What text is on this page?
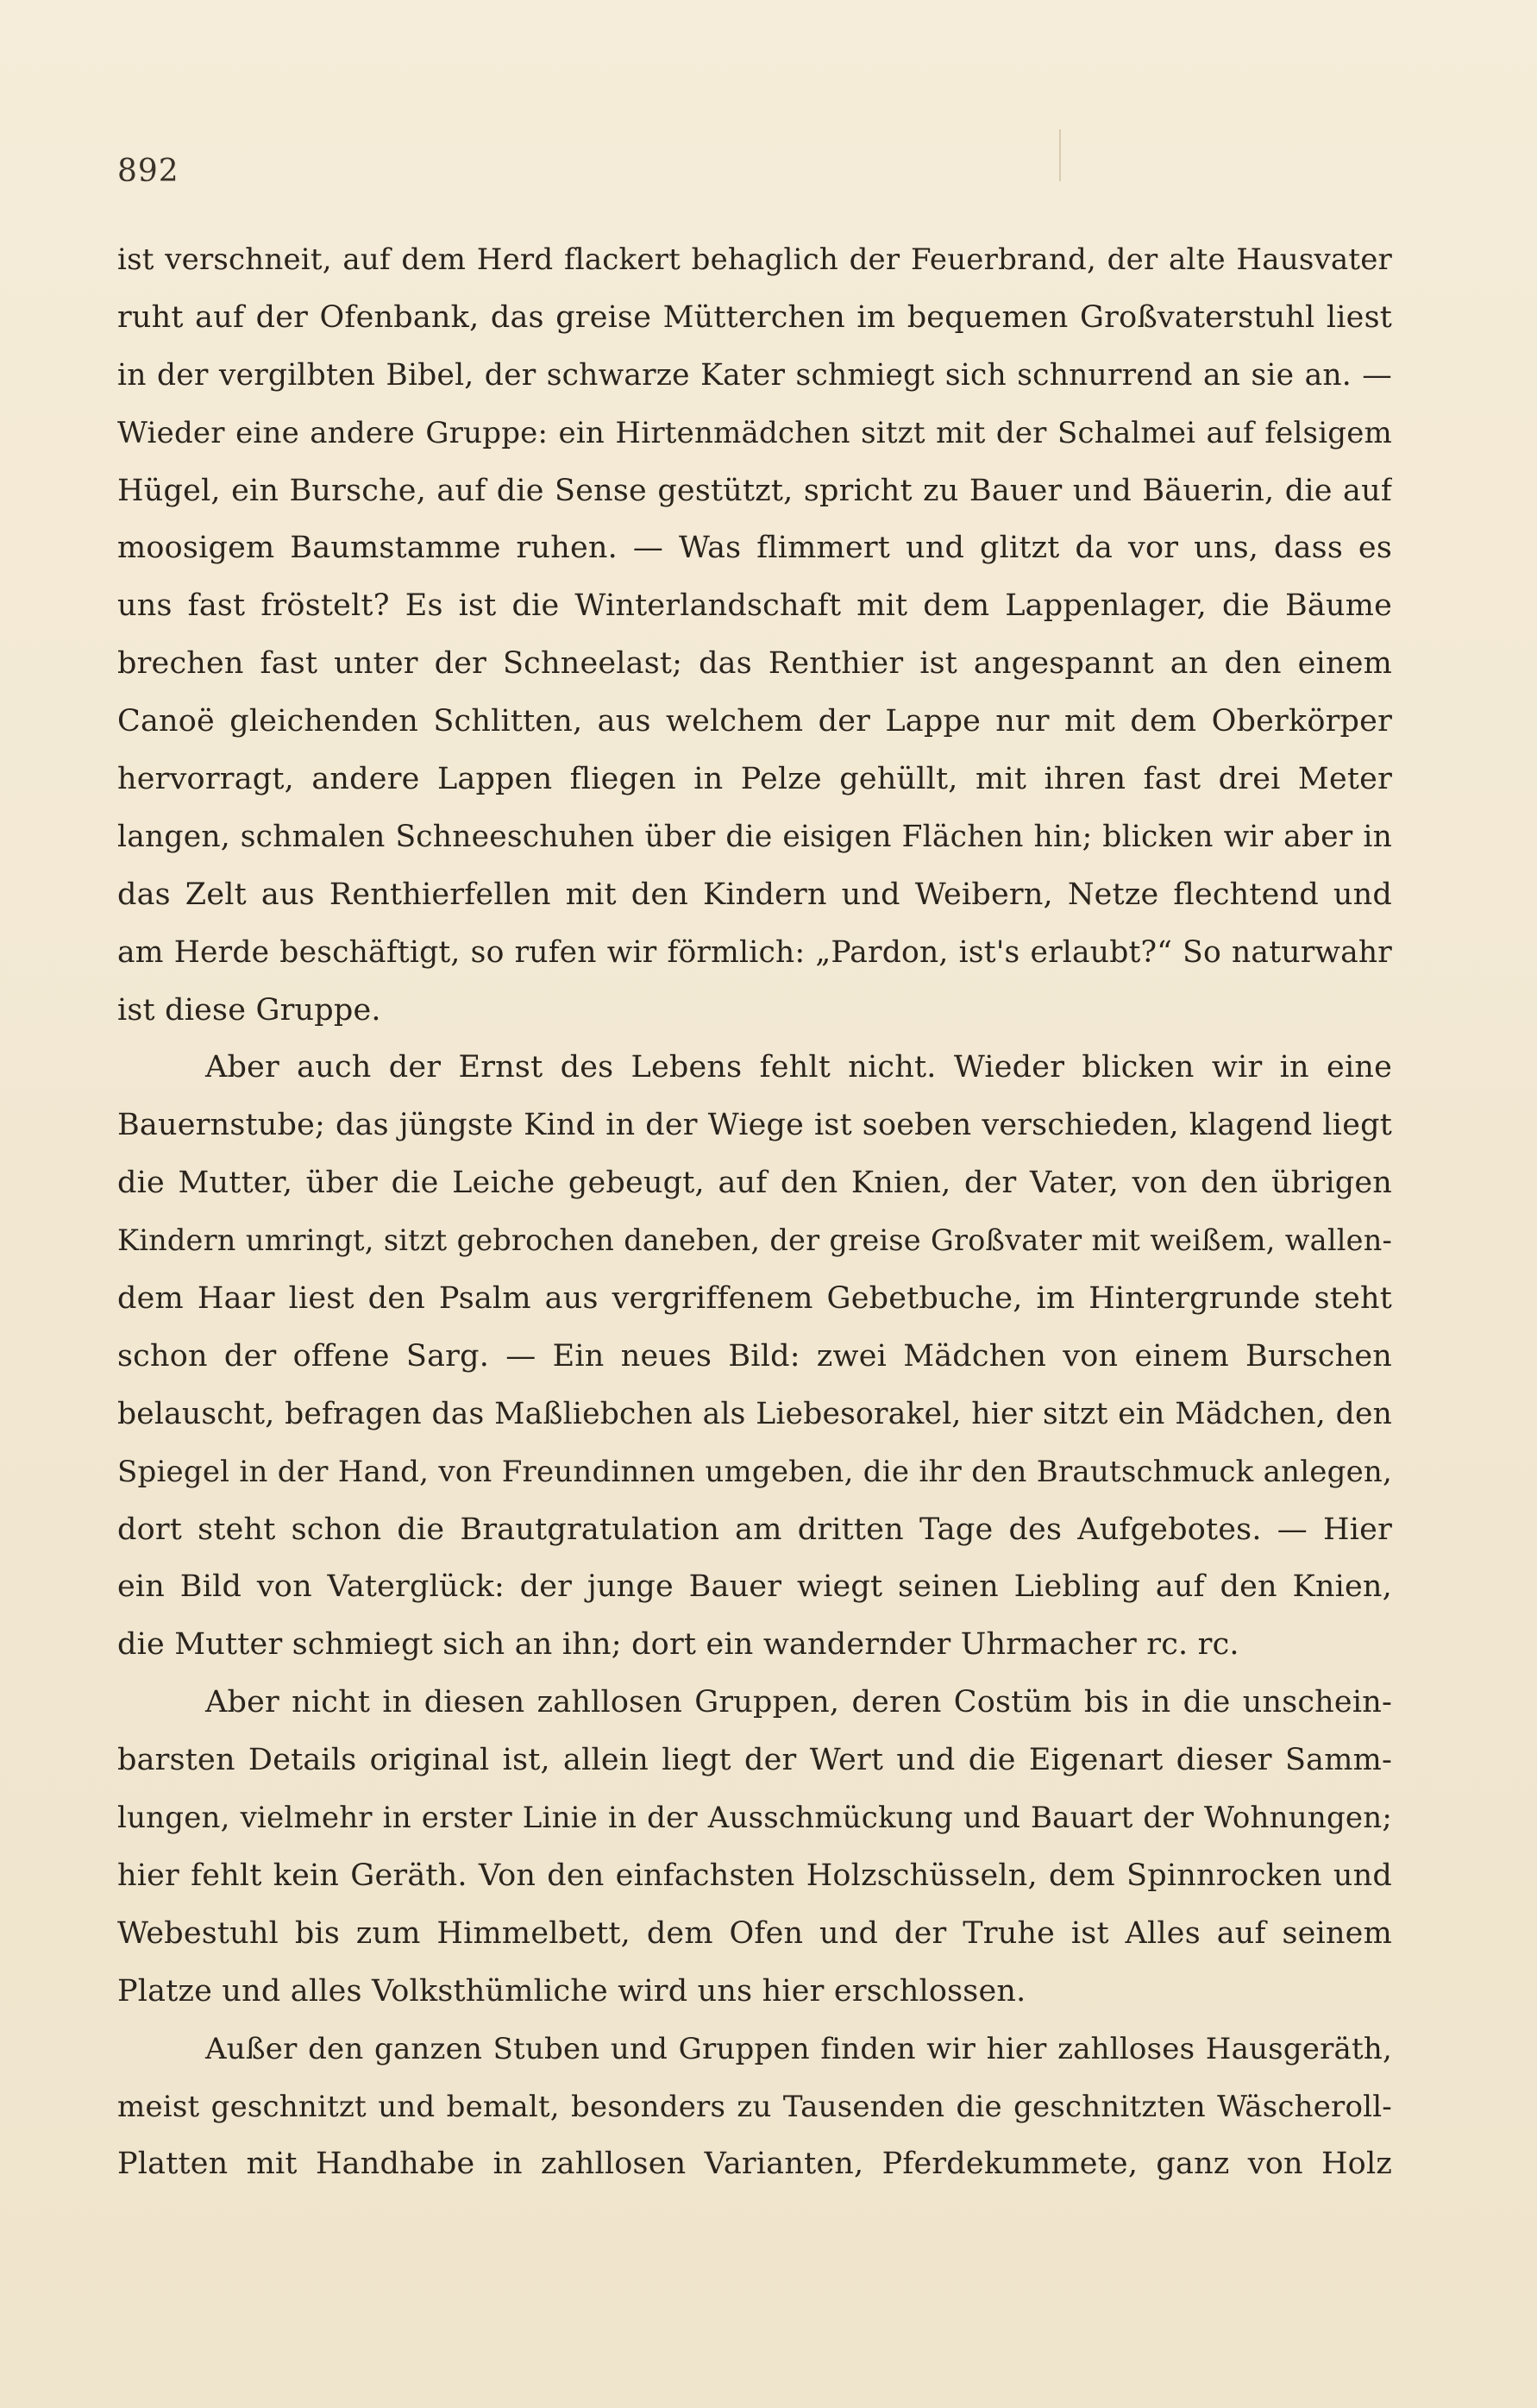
892
ist verschneit, auf dem Herd flackert behaglich der Feuerbrand, der alte Hausvater
ruht auf der Ofenbank, das greise Mütterchen im bequemen Großvaterstuhl liest
in der vergilbten Bibel, der schwarze Kater schmiegt sich schnurrend an sie an. —
Wieder eine andere Gruppe: ein Hirtenmädchen sitzt mit der Schalmei auf felsigem
Hügel, ein Bursche, auf die Sense gestützt, spricht zu Bauer und Bäuerin, die auf
moosigem Baumstamme ruhen. — Was flimmert und glitzt da vor uns, dass es
uns fast fröstelt? Es ist die Winterlandschaft mit dem Lappenlager, die Bäume
brechen fast unter der Schneelast; das Renthier ist angespannt an den einem
Canoë gleichenden Schlitten, aus welchem der Lappe nur mit dem Oberkörper
hervorragt, andere Lappen fliegen in Pelze gehüllt, mit ihren fast drei Meter
langen, schmalen Schneeschuhen über die eisigen Flächen hin; blicken wir aber in
das Zelt aus Renthierfellen mit den Kindern und Weibern, Netze flechtend und
am Herde beschäftigt, so rufen wir förmlich: „Pardon, ist's erlaubt?“ So naturwahr
ist diese Gruppe.
Aber auch der Ernst des Lebens fehlt nicht. Wieder blicken wir in eine
Bauernstube; das jüngste Kind in der Wiege ist soeben verschieden, klagend liegt
die Mutter, über die Leiche gebeugt, auf den Knien, der Vater, von den übrigen
Kindern umringt, sitzt gebrochen daneben, der greise Großvater mit weißem, wallen-
dem Haar liest den Psalm aus vergriffenem Gebetbuche, im Hintergrunde steht
schon der offene Sarg. — Ein neues Bild: zwei Mädchen von einem Burschen
belauscht, befragen das Maßliebchen als Liebesorakel, hier sitzt ein Mädchen, den
Spiegel in der Hand, von Freundinnen umgeben, die ihr den Brautschmuck anlegen,
dort steht schon die Brautgratulation am dritten Tage des Aufgebotes. — Hier
ein Bild von Vaterglück: der junge Bauer wiegt seinen Liebling auf den Knien,
die Mutter schmiegt sich an ihn; dort ein wandernder Uhrmacher rc. rc.
Aber nicht in diesen zahllosen Gruppen, deren Costüm bis in die unschein-
barsten Details original ist, allein liegt der Wert und die Eigenart dieser Samm-
lungen, vielmehr in erster Linie in der Ausschmückung und Bauart der Wohnungen;
hier fehlt kein Geräth. Von den einfachsten Holzschüsseln, dem Spinnrocken und
Webestuhl bis zum Himmelbett, dem Ofen und der Truhe ist Alles auf seinem
Platze und alles Volksthümliche wird uns hier erschlossen.
Außer den ganzen Stuben und Gruppen finden wir hier zahlloses Hausgeräth,
meist geschnitzt und bemalt, besonders zu Tausenden die geschnitzten Wäscheroll-
Platten mit Handhabe in zahllosen Varianten, Pferdekummete, ganz von Holz
